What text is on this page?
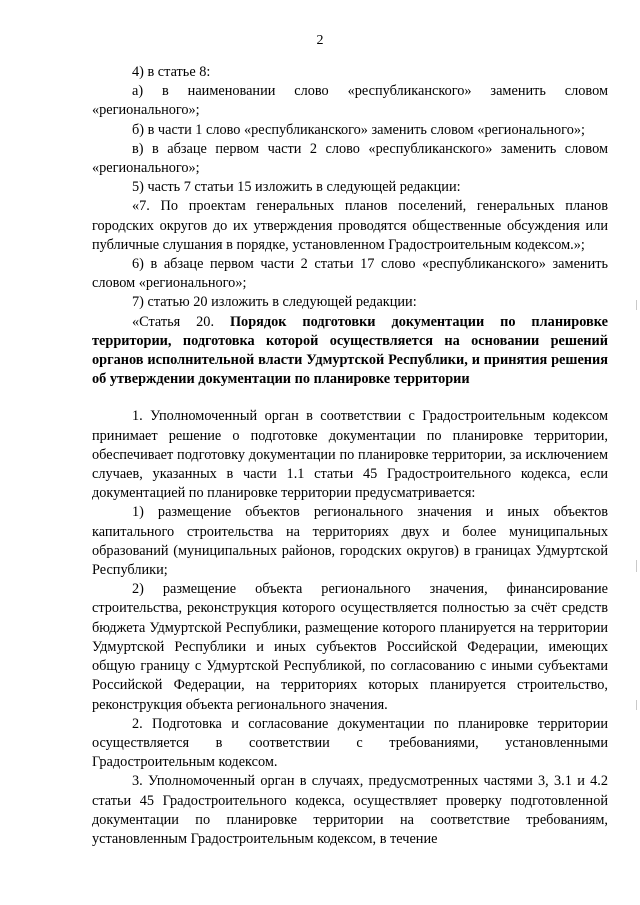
2

4) в статье 8:

а) в наименовании слово «республиканского» заменить словом «регионального»;

б) в части 1 слово «республиканского» заменить словом «регионального»;

в) в абзаце первом части 2 слово «республиканского» заменить словом «регионального»;

5) часть 7 статьи 15 изложить в следующей редакции:

«7. По проектам генеральных планов поселений, генеральных планов городских округов до их утверждения проводятся общественные обсуждения или публичные слушания в порядке, установленном Градостроительным кодексом.»;

6) в абзаце первом части 2 статьи 17 слово «республиканского» заменить словом «регионального»;

7) статью 20 изложить в следующей редакции:

«Статья 20. Порядок подготовки документации по планировке территории, подготовка которой осуществляется на основании решений органов исполнительной власти Удмуртской Республики, и принятия решения об утверждении документации по планировке территории

1. Уполномоченный орган в соответствии с Градостроительным кодексом принимает решение о подготовке документации по планировке территории, обеспечивает подготовку документации по планировке территории, за исключением случаев, указанных в части 1.1 статьи 45 Градостроительного кодекса, если документацией по планировке территории предусматривается:

1) размещение объектов регионального значения и иных объектов капитального строительства на территориях двух и более муниципальных образований (муниципальных районов, городских округов) в границах Удмуртской Республики;

2) размещение объекта регионального значения, финансирование строительства, реконструкция которого осуществляется полностью за счёт средств бюджета Удмуртской Республики, размещение которого планируется на территории Удмуртской Республики и иных субъектов Российской Федерации, имеющих общую границу с Удмуртской Республикой, по согласованию с иными субъектами Российской Федерации, на территориях которых планируется строительство, реконструкция объекта регионального значения.

2. Подготовка и согласование документации по планировке территории осуществляется в соответствии с требованиями, установленными Градостроительным кодексом.

3. Уполномоченный орган в случаях, предусмотренных частями 3, 3.1 и 4.2 статьи 45 Градостроительного кодекса, осуществляет проверку подготовленной документации по планировке территории на соответствие требованиям, установленным Градостроительным кодексом, в течение
